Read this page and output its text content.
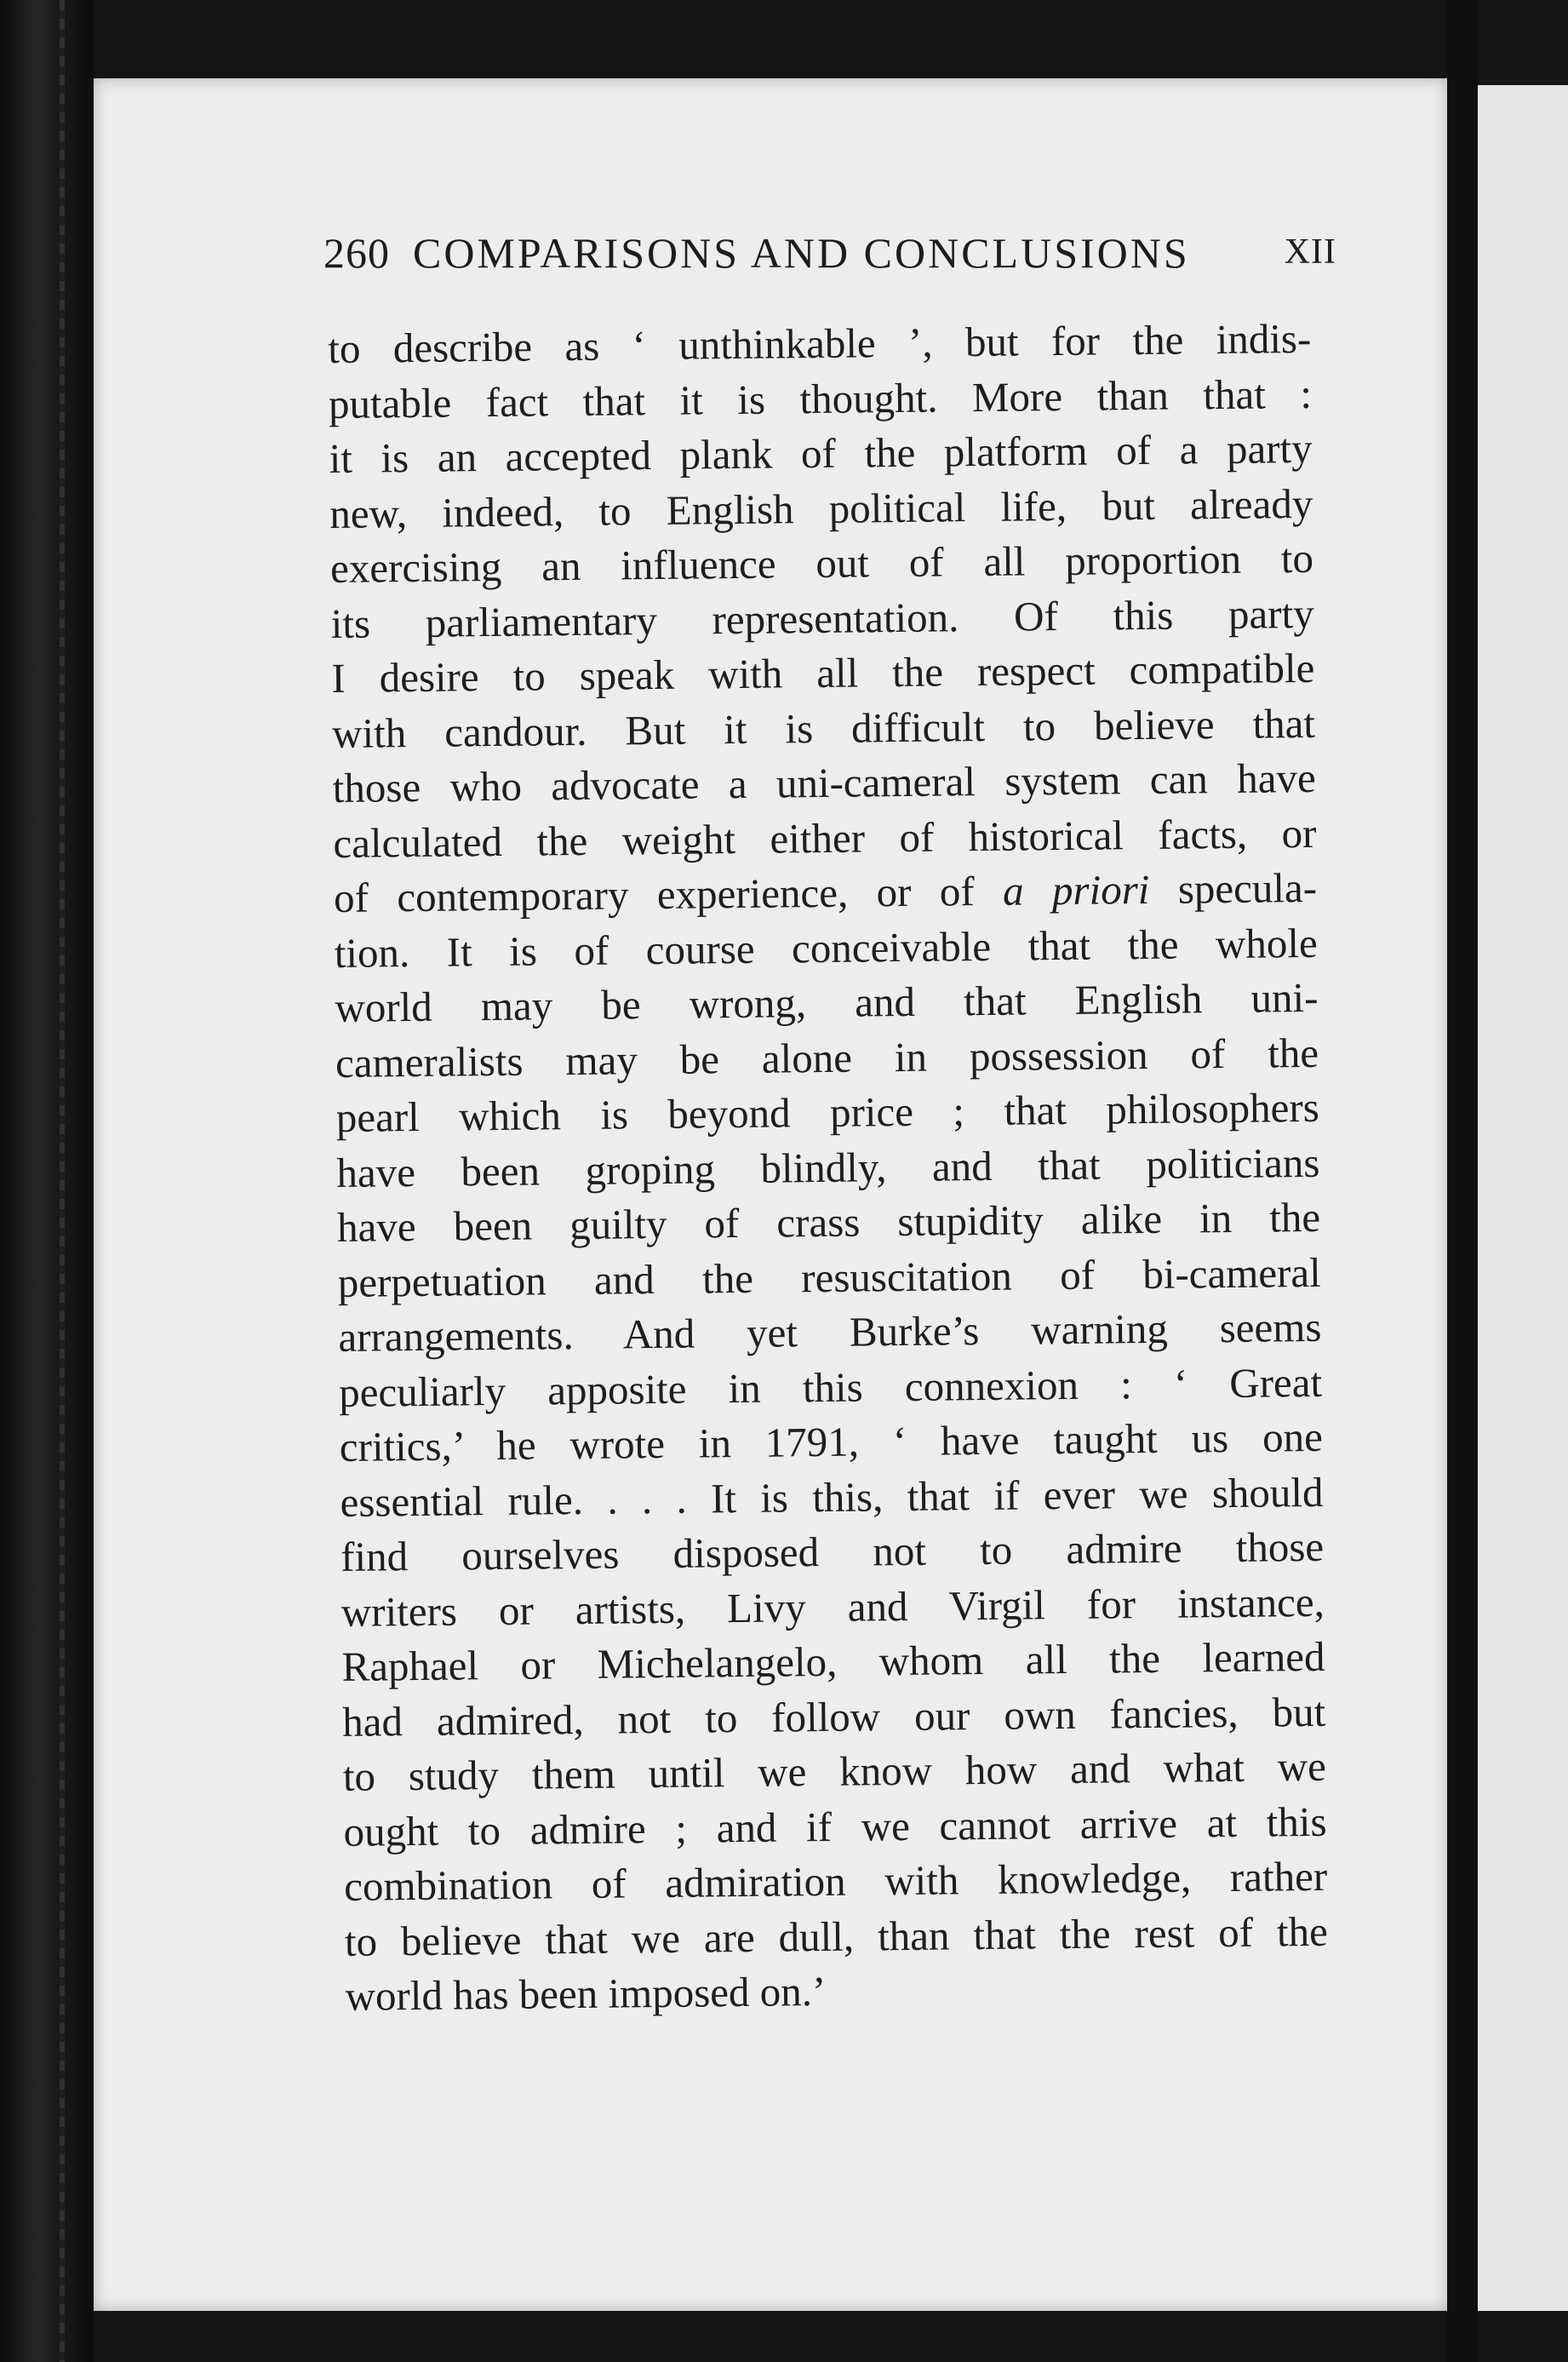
260 COMPARISONS AND CONCLUSIONS	XII
to describe as ‘ unthinkable ’, but for the indis-
putable fact that it is thought. More than that :
it is an accepted plank of the platform of a party
new, indeed, to English political life, but already
exercising an influence out of all proportion to
its parliamentary representation. Of this party
I desire to speak with all the respect compatible
with candour. But it is difficult to believe that
those who advocate a uni-cameral system can have
calculated the weight either of historical facts, or
of contemporary experience, or of a priori specula-
tion. It is of course conceivable that the whole
world may be wrong, and that English uni-
cameralists may be alone in possession of the
pearl which is beyond price ; that philosophers
have been groping blindly, and that politicians
have been guilty of crass stupidity alike in the
perpetuation and the resuscitation of bi-cameral
arrangements. And yet Burke’s warning seems
peculiarly apposite in this connexion : ‘ Great
critics,’ he wrote in 1791, ‘ have taught us one
essential rule. . . . It is this, that if ever we should
find ourselves disposed not to admire those
writers or artists, Livy and Virgil for instance,
Raphael or Michelangelo, whom all the learned
had admired, not to follow our own fancies, but
to study them until we know how and what we
ought to admire ; and if we cannot arrive at this
combination of admiration with knowledge, rather
to believe that we are dull, than that the rest of the
world has been imposed on.’
